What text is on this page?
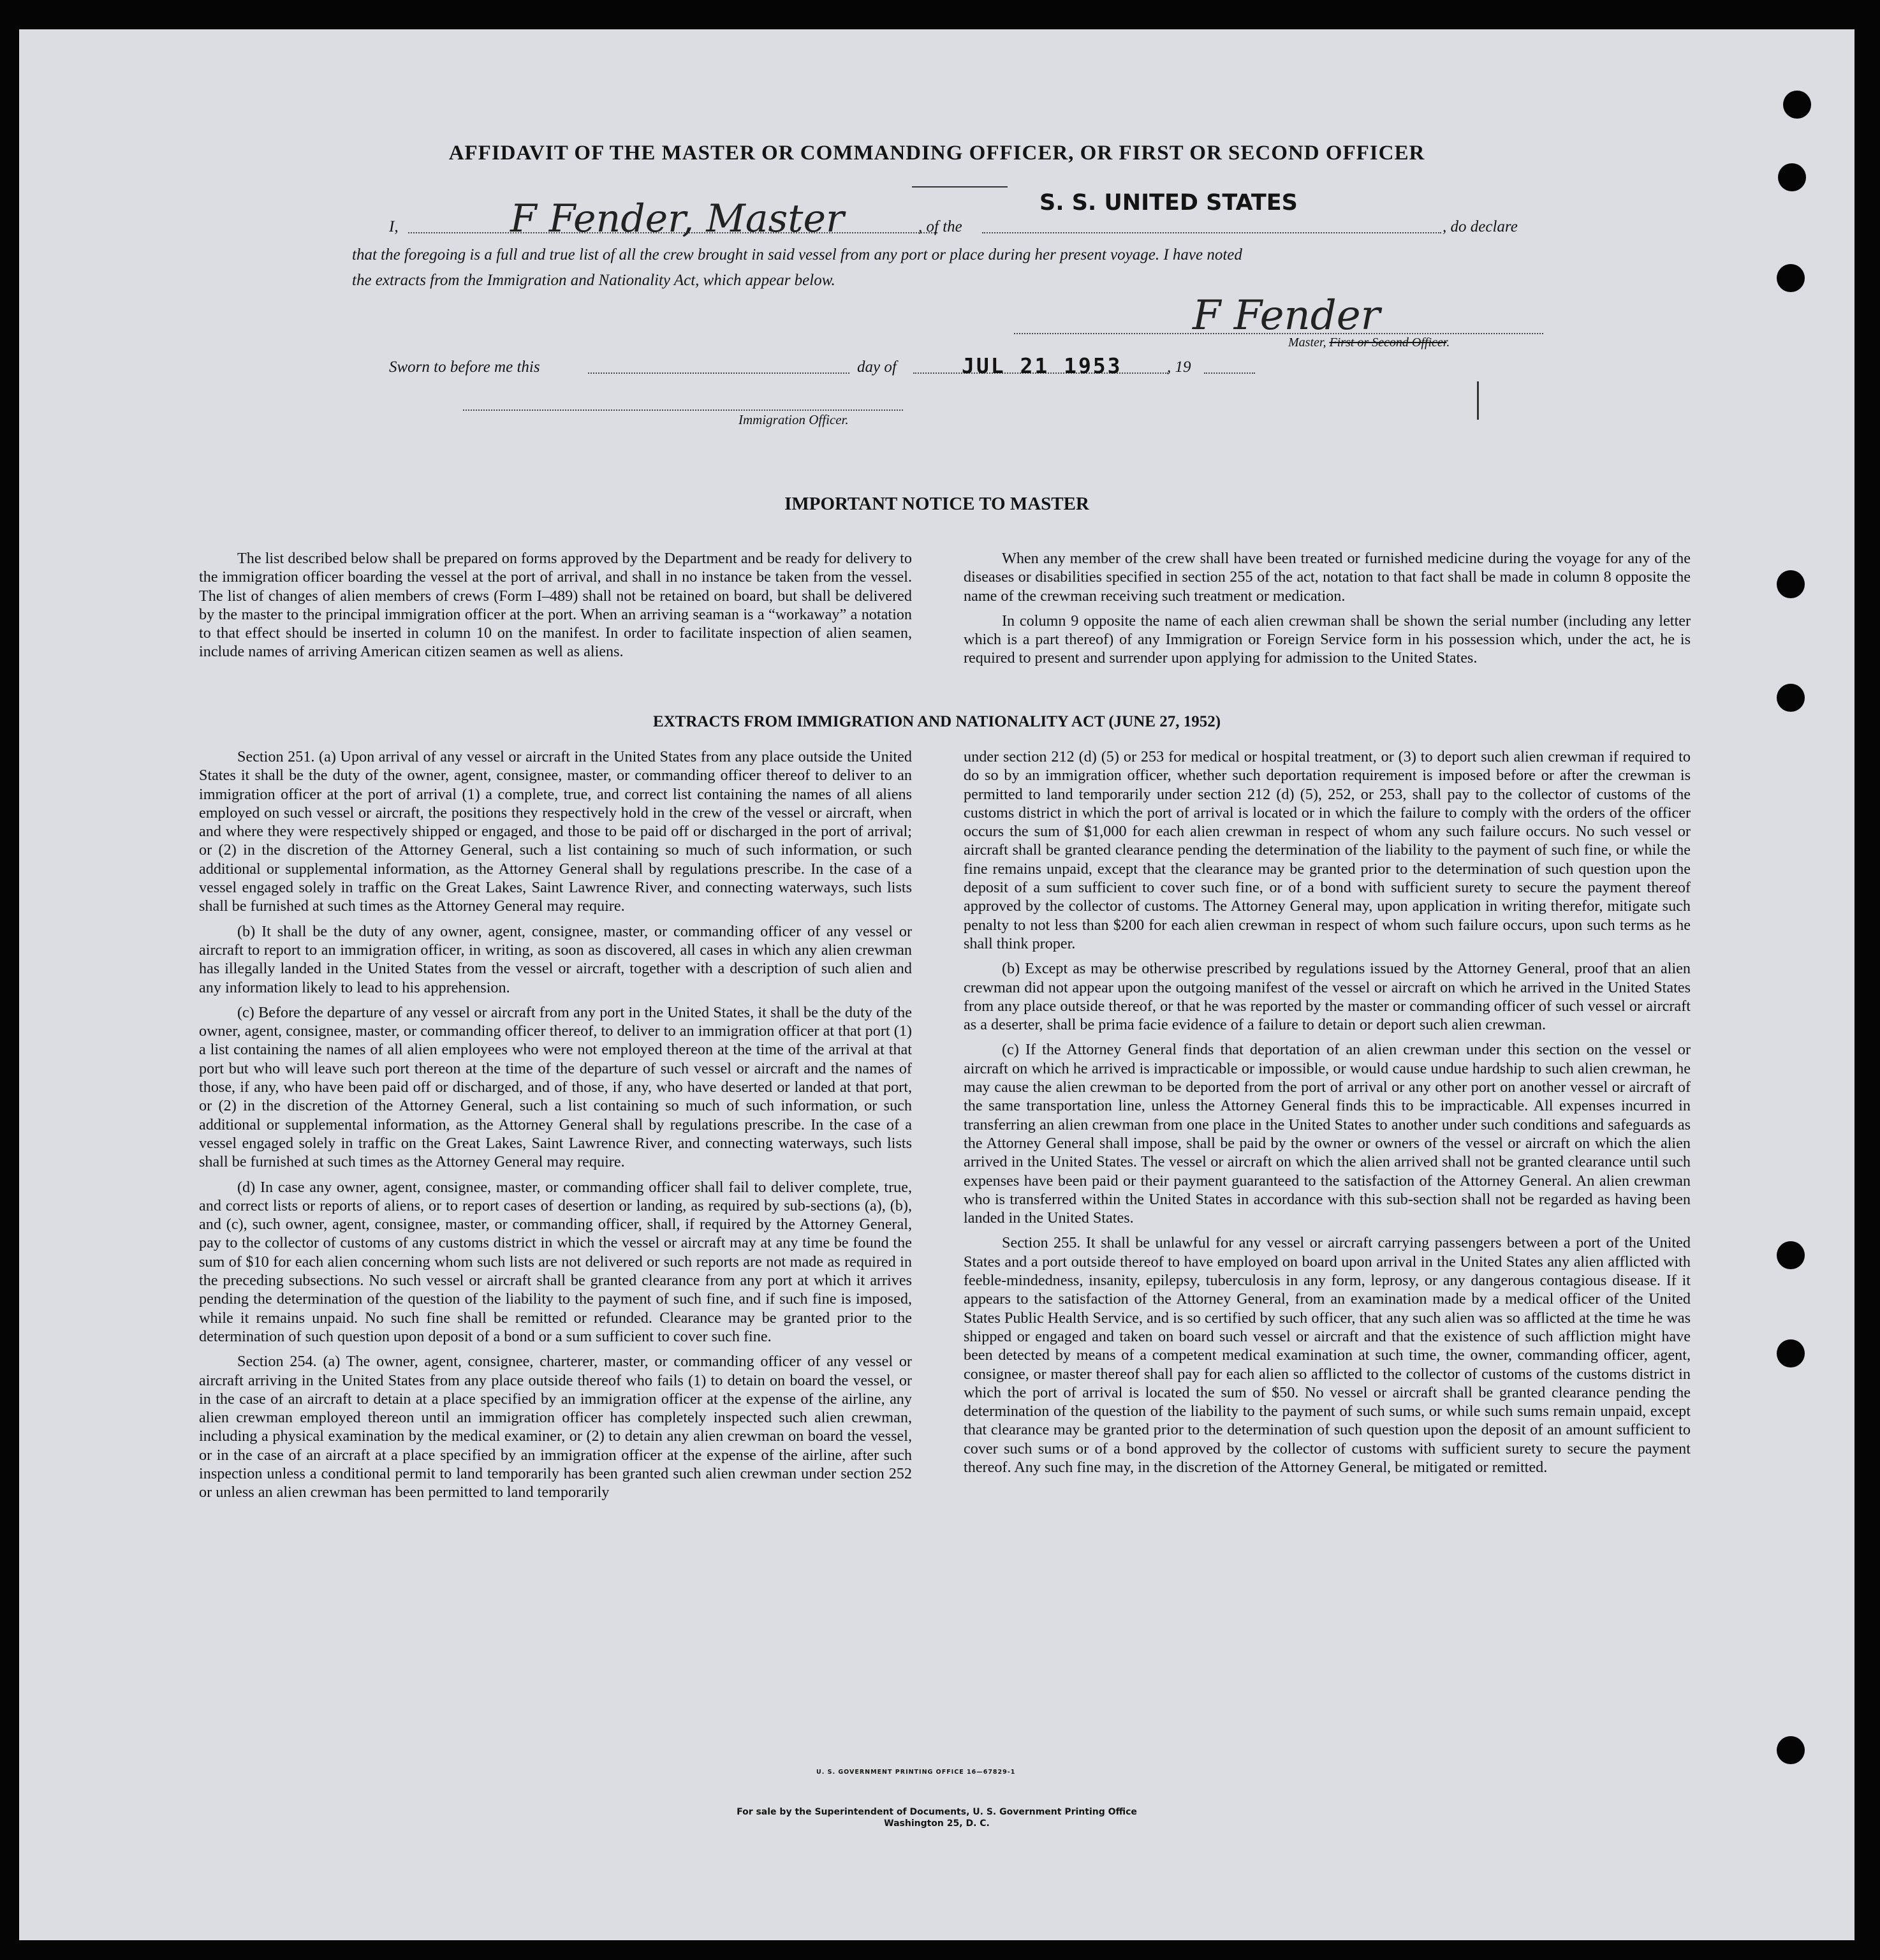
AFFIDAVIT OF THE MASTER OR COMMANDING OFFICER, OR FIRST OR SECOND OFFICER
I,	F Fender, Master	, of the
S. S. UNITED STATES
, do declare
that the foregoing is a full and true list of all the crew brought in said vessel from any port or place during her present voyage. I have noted
the extracts from the Immigration and Nationality Act, which appear below.
F Fender
Master, First or Second Officer.
Sworn to before me this	day of	JUL 21 1953	, 19
Immigration Officer.
IMPORTANT NOTICE TO MASTER

The list described below shall be prepared on forms approved by the Department and be ready for delivery to the immigration officer boarding the vessel at the port of arrival, and shall in no instance be taken from the vessel. The list of changes of alien members of crews (Form I–489) shall not be retained on board, but shall be delivered by the master to the principal immigration officer at the port. When an arriving seaman is a “workaway” a notation to that effect should be inserted in column 10 on the manifest. In order to facilitate inspection of alien seamen, include names of arriving American citizen seamen as well as aliens.

When any member of the crew shall have been treated or furnished medicine during the voyage for any of the diseases or disabilities specified in section 255 of the act, notation to that fact shall be made in column 8 opposite the name of the crewman receiving such treatment or medication.

In column 9 opposite the name of each alien crewman shall be shown the serial number (including any letter which is a part thereof) of any Immigration or Foreign Service form in his possession which, under the act, he is required to present and surrender upon applying for admission to the United States.

EXTRACTS FROM IMMIGRATION AND NATIONALITY ACT (JUNE 27, 1952)

Section 251. (a) Upon arrival of any vessel or aircraft in the United States from any place outside the United States it shall be the duty of the owner, agent, consignee, master, or commanding officer thereof to deliver to an immigration officer at the port of arrival (1) a complete, true, and correct list containing the names of all aliens employed on such vessel or aircraft, the positions they respectively hold in the crew of the vessel or aircraft, when and where they were respectively shipped or engaged, and those to be paid off or discharged in the port of arrival; or (2) in the discretion of the Attorney General, such a list containing so much of such information, or such additional or supplemental information, as the Attorney General shall by regulations prescribe. In the case of a vessel engaged solely in traffic on the Great Lakes, Saint Lawrence River, and connecting waterways, such lists shall be furnished at such times as the Attorney General may require.

(b) It shall be the duty of any owner, agent, consignee, master, or commanding officer of any vessel or aircraft to report to an immigration officer, in writing, as soon as discovered, all cases in which any alien crewman has illegally landed in the United States from the vessel or aircraft, together with a description of such alien and any information likely to lead to his apprehension.

(c) Before the departure of any vessel or aircraft from any port in the United States, it shall be the duty of the owner, agent, consignee, master, or commanding officer thereof, to deliver to an immigration officer at that port (1) a list containing the names of all alien employees who were not employed thereon at the time of the arrival at that port but who will leave such port thereon at the time of the departure of such vessel or aircraft and the names of those, if any, who have been paid off or discharged, and of those, if any, who have deserted or landed at that port, or (2) in the discretion of the Attorney General, such a list containing so much of such information, or such additional or supplemental information, as the Attorney General shall by regulations prescribe. In the case of a vessel engaged solely in traffic on the Great Lakes, Saint Lawrence River, and connecting waterways, such lists shall be furnished at such times as the Attorney General may require.

(d) In case any owner, agent, consignee, master, or commanding officer shall fail to deliver complete, true, and correct lists or reports of aliens, or to report cases of desertion or landing, as required by sub-sections (a), (b), and (c), such owner, agent, consignee, master, or commanding officer, shall, if required by the Attorney General, pay to the collector of customs of any customs district in which the vessel or aircraft may at any time be found the sum of $10 for each alien concerning whom such lists are not delivered or such reports are not made as required in the preceding subsections. No such vessel or aircraft shall be granted clearance from any port at which it arrives pending the determination of the question of the liability to the payment of such fine, and if such fine is imposed, while it remains unpaid. No such fine shall be remitted or refunded. Clearance may be granted prior to the determination of such question upon deposit of a bond or a sum sufficient to cover such fine.

Section 254. (a) The owner, agent, consignee, charterer, master, or commanding officer of any vessel or aircraft arriving in the United States from any place outside thereof who fails (1) to detain on board the vessel, or in the case of an aircraft to detain at a place specified by an immigration officer at the expense of the airline, any alien crewman employed thereon until an immigration officer has completely inspected such alien crewman, including a physical examination by the medical examiner, or (2) to detain any alien crewman on board the vessel, or in the case of an aircraft at a place specified by an immigration officer at the expense of the airline, after such inspection unless a conditional permit to land temporarily has been granted such alien crewman under section 252 or unless an alien crewman has been permitted to land temporarily

under section 212 (d) (5) or 253 for medical or hospital treatment, or (3) to deport such alien crewman if required to do so by an immigration officer, whether such deportation requirement is imposed before or after the crewman is permitted to land temporarily under section 212 (d) (5), 252, or 253, shall pay to the collector of customs of the customs district in which the port of arrival is located or in which the failure to comply with the orders of the officer occurs the sum of $1,000 for each alien crewman in respect of whom any such failure occurs. No such vessel or aircraft shall be granted clearance pending the determination of the liability to the payment of such fine, or while the fine remains unpaid, except that the clearance may be granted prior to the determination of such question upon the deposit of a sum sufficient to cover such fine, or of a bond with sufficient surety to secure the payment thereof approved by the collector of customs. The Attorney General may, upon application in writing therefor, mitigate such penalty to not less than $200 for each alien crewman in respect of whom such failure occurs, upon such terms as he shall think proper.

(b) Except as may be otherwise prescribed by regulations issued by the Attorney General, proof that an alien crewman did not appear upon the outgoing manifest of the vessel or aircraft on which he arrived in the United States from any place outside thereof, or that he was reported by the master or commanding officer of such vessel or aircraft as a deserter, shall be prima facie evidence of a failure to detain or deport such alien crewman.

(c) If the Attorney General finds that deportation of an alien crewman under this section on the vessel or aircraft on which he arrived is impracticable or impossible, or would cause undue hardship to such alien crewman, he may cause the alien crewman to be deported from the port of arrival or any other port on another vessel or aircraft of the same transportation line, unless the Attorney General finds this to be impracticable. All expenses incurred in transferring an alien crewman from one place in the United States to another under such conditions and safeguards as the Attorney General shall impose, shall be paid by the owner or owners of the vessel or aircraft on which the alien arrived in the United States. The vessel or aircraft on which the alien arrived shall not be granted clearance until such expenses have been paid or their payment guaranteed to the satisfaction of the Attorney General. An alien crewman who is transferred within the United States in accordance with this sub-section shall not be regarded as having been landed in the United States.

Section 255. It shall be unlawful for any vessel or aircraft carrying passengers between a port of the United States and a port outside thereof to have employed on board upon arrival in the United States any alien afflicted with feeble-mindedness, insanity, epilepsy, tuberculosis in any form, leprosy, or any dangerous contagious disease. If it appears to the satisfaction of the Attorney General, from an examination made by a medical officer of the United States Public Health Service, and is so certified by such officer, that any such alien was so afflicted at the time he was shipped or engaged and taken on board such vessel or aircraft and that the existence of such affliction might have been detected by means of a competent medical examination at such time, the owner, commanding officer, agent, consignee, or master thereof shall pay for each alien so afflicted to the collector of customs of the customs district in which the port of arrival is located the sum of $50. No vessel or aircraft shall be granted clearance pending the determination of the question of the liability to the payment of such sums, or while such sums remain unpaid, except that clearance may be granted prior to the determination of such question upon the deposit of an amount sufficient to cover such sums or of a bond approved by the collector of customs with sufficient surety to secure the payment thereof. Any such fine may, in the discretion of the Attorney General, be mitigated or remitted.

U. S. GOVERNMENT PRINTING OFFICE 16—67829-1
For sale by the Superintendent of Documents, U. S. Government Printing Office
Washington 25, D. C.
